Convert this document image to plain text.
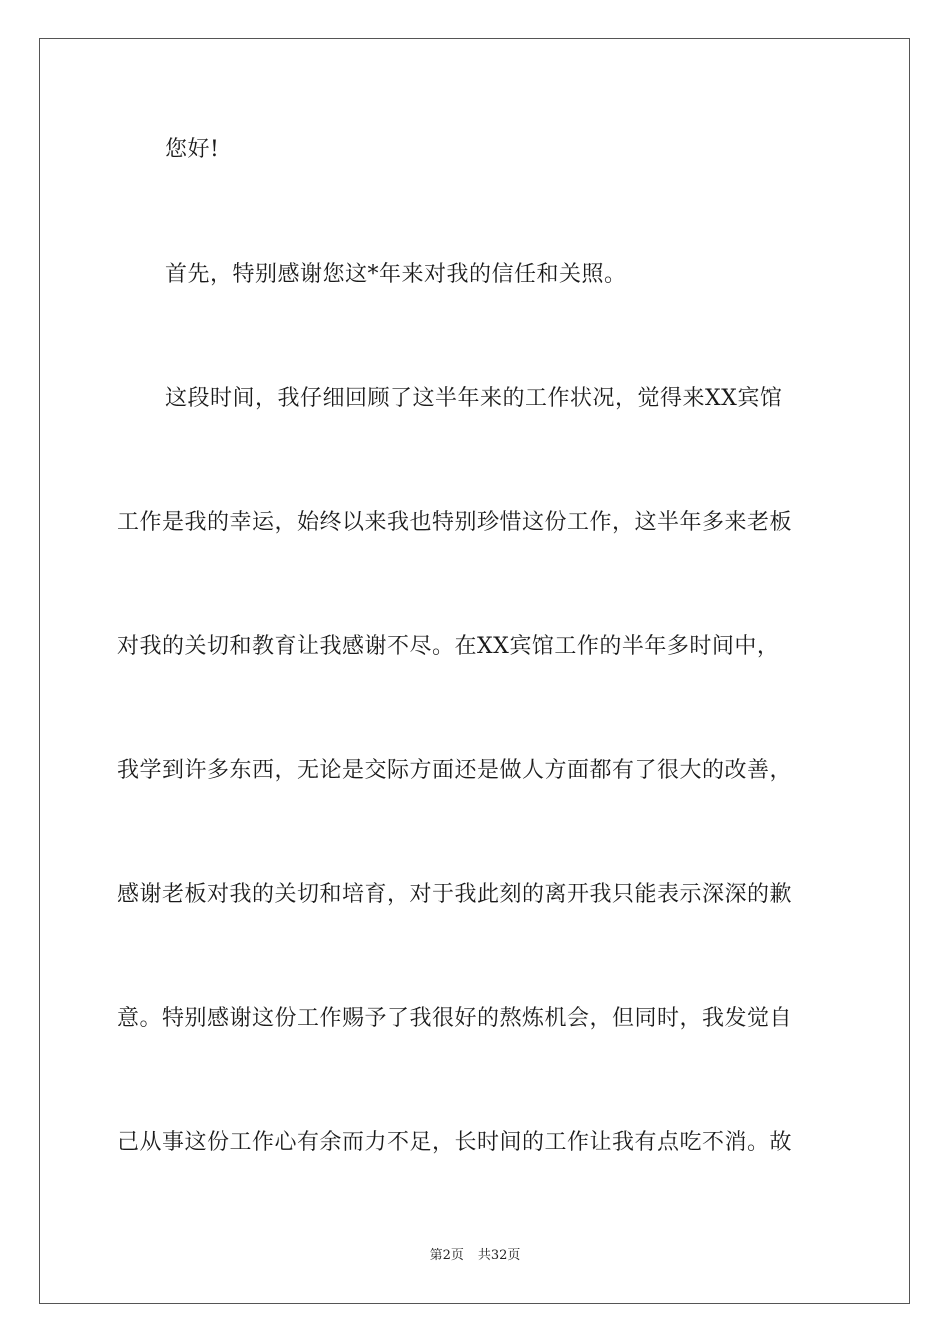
您好!
首先，特别感谢您这*年来对我的信任和关照。
这段时间，我仔细回顾了这半年来的工作状况，觉得来XX宾馆
工作是我的幸运，始终以来我也特别珍惜这份工作，这半年多来老板
对我的关切和教育让我感谢不尽。在XX宾馆工作的半年多时间中，
我学到许多东西，无论是交际方面还是做人方面都有了很大的改善，
感谢老板对我的关切和培育，对于我此刻的离开我只能表示深深的歉
意。特别感谢这份工作赐予了我很好的熬炼机会，但同时，我发觉自
己从事这份工作心有余而力不足，长时间的工作让我有点吃不消。故
第2页 共32页
